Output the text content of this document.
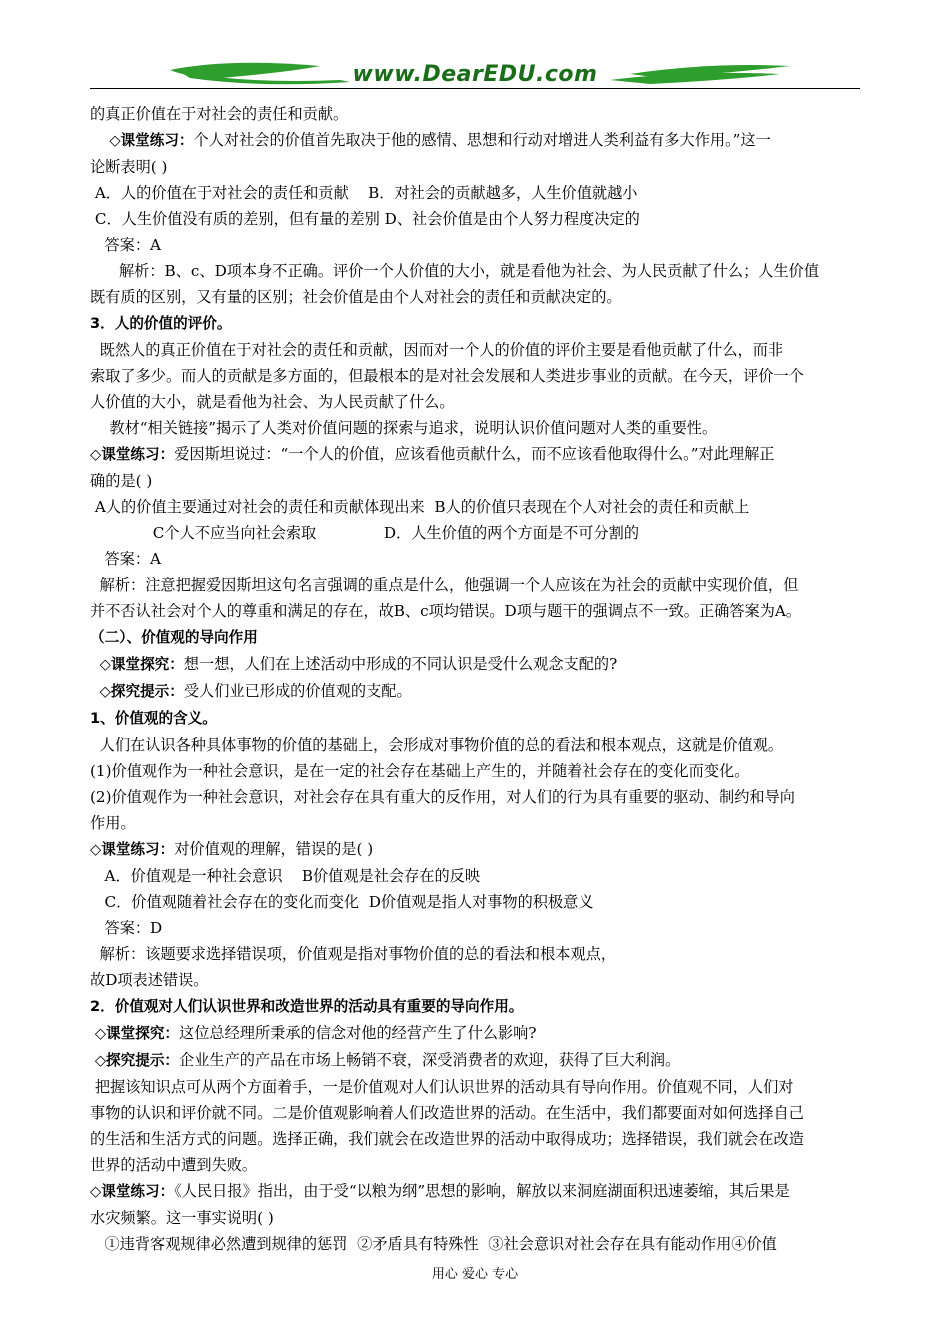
www.DearEDU.com

的真正价值在于对社会的责任和贡献。

◇课堂练习：个人对社会的价值首先取决于他的感情、思想和行动对增进人类利益有多大作用。”这一

论断表明( )

A．人的价值在于对社会的责任和贡献    B．对社会的贡献越多，人生价值就越小

C．人生价值没有质的差别，但有量的差别 D、社会价值是由个人努力程度决定的

答案：A

解析：B、c、D项本身不正确。评价一个人价值的大小，就是看他为社会、为人民贡献了什么；人生价值

既有质的区别，又有量的区别；社会价值是由个人对社会的责任和贡献决定的。

3．人的价值的评价。

既然人的真正价值在于对社会的责任和贡献，因而对一个人的价值的评价主要是看他贡献了什么，而非

索取了多少。而人的贡献是多方面的，但最根本的是对社会发展和人类进步事业的贡献。在今天，评价一个

人价值的大小，就是看他为社会、为人民贡献了什么。

教材“相关链接”揭示了人类对价值问题的探索与追求，说明认识价值问题对人类的重要性。

◇课堂练习：爱因斯坦说过：“一个人的价值，应该看他贡献什么，而不应该看他取得什么。”对此理解正

确的是( )

A人的价值主要通过对社会的责任和贡献体现出来  B人的价值只表现在个人对社会的责任和贡献上

C个人不应当向社会索取              D．人生价值的两个方面是不可分割的

答案：A

解析：注意把握爱因斯坦这句名言强调的重点是什么，他强调一个人应该在为社会的贡献中实现价值，但

并不否认社会对个人的尊重和满足的存在，故B、c项均错误。D项与题干的强调点不一致。正确答案为A。

（二）、价值观的导向作用

◇课堂探究：想一想，人们在上述活动中形成的不同认识是受什么观念支配的?

◇探究提示：受人们业已形成的价值观的支配。

1、价值观的含义。

人们在认识各种具体事物的价值的基础上，会形成对事物价值的总的看法和根本观点，这就是价值观。

(1)价值观作为一种社会意识，是在一定的社会存在基础上产生的，并随着社会存在的变化而变化。

(2)价值观作为一种社会意识，对社会存在具有重大的反作用，对人们的行为具有重要的驱动、制约和导向

作用。

◇课堂练习：对价值观的理解，错误的是( )

A．价值观是一种社会意识    B价值观是社会存在的反映

C．价值观随着社会存在的变化而变化  D价值观是指人对事物的积极意义

答案：D

解析：该题要求选择错误项，价值观是指对事物价值的总的看法和根本观点，

故D项表述错误。

2．价值观对人们认识世界和改造世界的活动具有重要的导向作用。

◇课堂探究：这位总经理所秉承的信念对他的经营产生了什么影响?

◇探究提示：企业生产的产品在市场上畅销不衰，深受消费者的欢迎，获得了巨大利润。

把握该知识点可从两个方面着手，一是价值观对人们认识世界的活动具有导向作用。价值观不同，人们对

事物的认识和评价就不同。二是价值观影响着人们改造世界的活动。在生活中，我们都要面对如何选择自己

的生活和生活方式的问题。选择正确，我们就会在改造世界的活动中取得成功；选择错误，我们就会在改造

世界的活动中遭到失败。

◇课堂练习：《人民日报》指出，由于受“以粮为纲”思想的影响，解放以来洞庭湖面积迅速萎缩，其后果是

水灾频繁。这一事实说明( )

①违背客观规律必然遭到规律的惩罚  ②矛盾具有特殊性  ③社会意识对社会存在具有能动作用④价值

用心 爱心 专心
